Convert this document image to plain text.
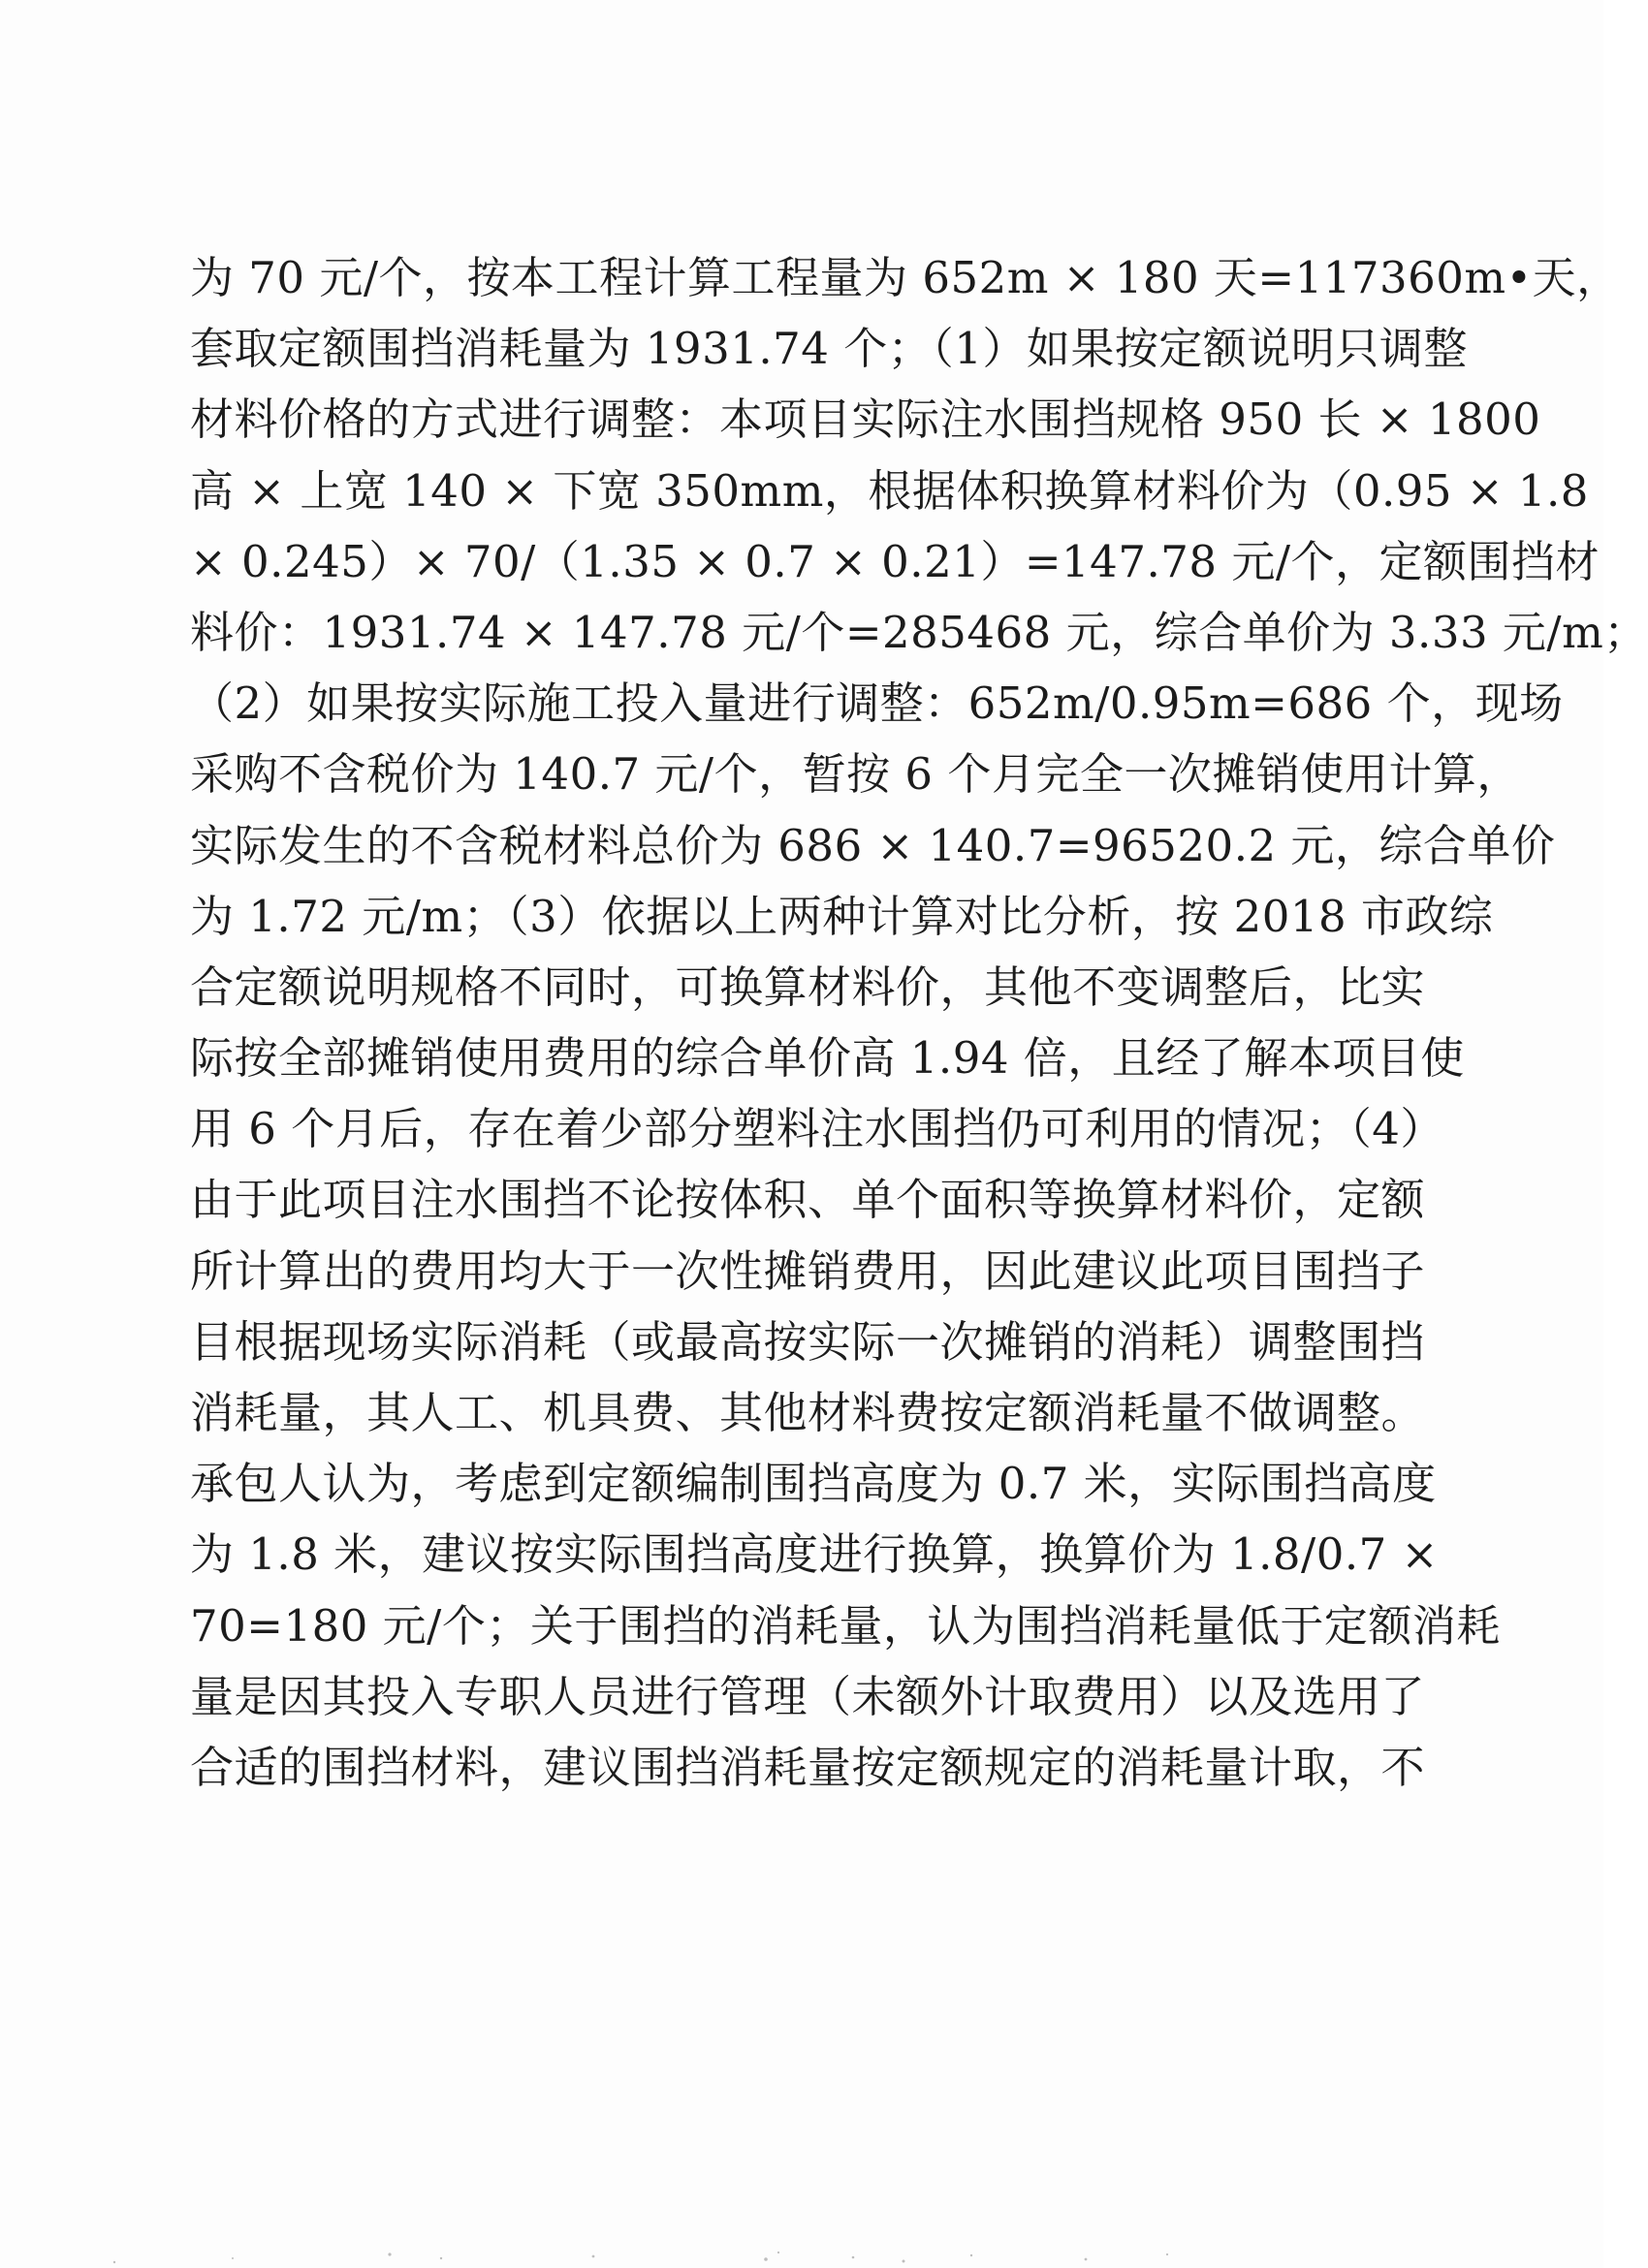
为 70 元/个，按本工程计算工程量为 652m × 180 天=117360m•天，
套取定额围挡消耗量为 1931.74 个；（1）如果按定额说明只调整
材料价格的方式进行调整：本项目实际注水围挡规格 950 长 × 1800
高 × 上宽 140 × 下宽 350mm，根据体积换算材料价为（0.95 × 1.8
× 0.245）× 70/（1.35 × 0.7 × 0.21）=147.78 元/个，定额围挡材
料价：1931.74 × 147.78 元/个=285468 元，综合单价为 3.33 元/m；
（2）如果按实际施工投入量进行调整：652m/0.95m=686 个，现场
采购不含税价为 140.7 元/个，暂按 6 个月完全一次摊销使用计算，
实际发生的不含税材料总价为 686 × 140.7=96520.2 元，综合单价
为 1.72 元/m；（3）依据以上两种计算对比分析，按 2018 市政综
合定额说明规格不同时，可换算材料价，其他不变调整后，比实
际按全部摊销使用费用的综合单价高 1.94 倍，且经了解本项目使
用 6 个月后，存在着少部分塑料注水围挡仍可利用的情况；（4）
由于此项目注水围挡不论按体积、单个面积等换算材料价，定额
所计算出的费用均大于一次性摊销费用，因此建议此项目围挡子
目根据现场实际消耗（或最高按实际一次摊销的消耗）调整围挡
消耗量，其人工、机具费、其他材料费按定额消耗量不做调整。
承包人认为，考虑到定额编制围挡高度为 0.7 米，实际围挡高度
为 1.8 米，建议按实际围挡高度进行换算，换算价为 1.8/0.7 ×
70=180 元/个；关于围挡的消耗量，认为围挡消耗量低于定额消耗
量是因其投入专职人员进行管理（未额外计取费用）以及选用了
合适的围挡材料，建议围挡消耗量按定额规定的消耗量计取，不
